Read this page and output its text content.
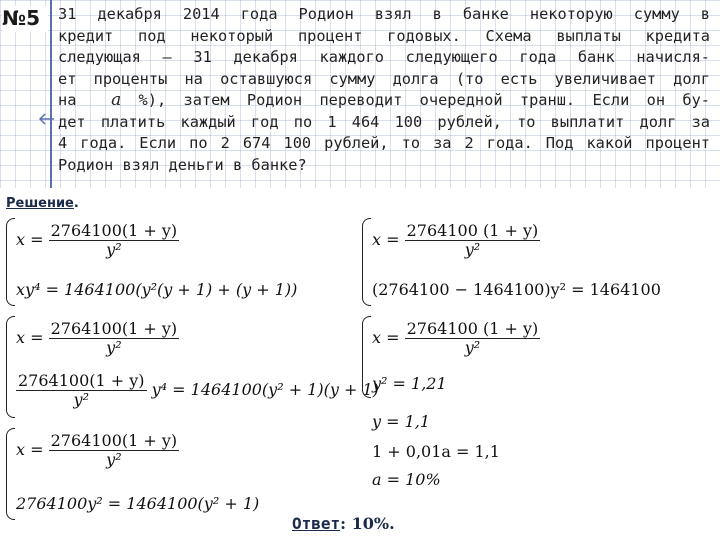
№5	31 декабря 2014 года Родион взял в банке некоторую сумму в
кредит под некоторый процент годовых. Схема выплаты кредита
следующая – 31 декабря каждого следующего года банк начисля-
ет проценты на оставшуюся сумму долга (то есть увеличивает долг
на a %), затем Родион переводит очередной транш. Если он бу-
дет платить каждый год по 1 464 100 рублей, то выплатит долг за
4 года. Если по 2 674 100 рублей, то за 2 года. Под какой процент
Родион взял деньги в банке?
Решение.
$x = \frac{2764100(1 + y)}{\text{y²}}$
xy⁴ = 1464100(y²(y + 1) + (y + 1))
$x = \frac{2764100(1 + y)}{\text{y²}}$
$\frac{2764100(1 + y)}{\text{y²}} y^4 = 1464100(y^2 + 1)(y + 1)$
$x = \frac{2764100(1 + y)}{\text{y²}}$
2764100y² = 1464100(y² + 1)
$x = \frac{2764100 (1 + y)}{\text{y²}}$
(2764100 − 1464100)y² = 1464100
$x = \frac{2764100 (1 + y)}{\text{y²}}$
y² = 1,21
y = 1,1
1 + 0,01a = 1,1
a = 10%
Ответ: 10%.
